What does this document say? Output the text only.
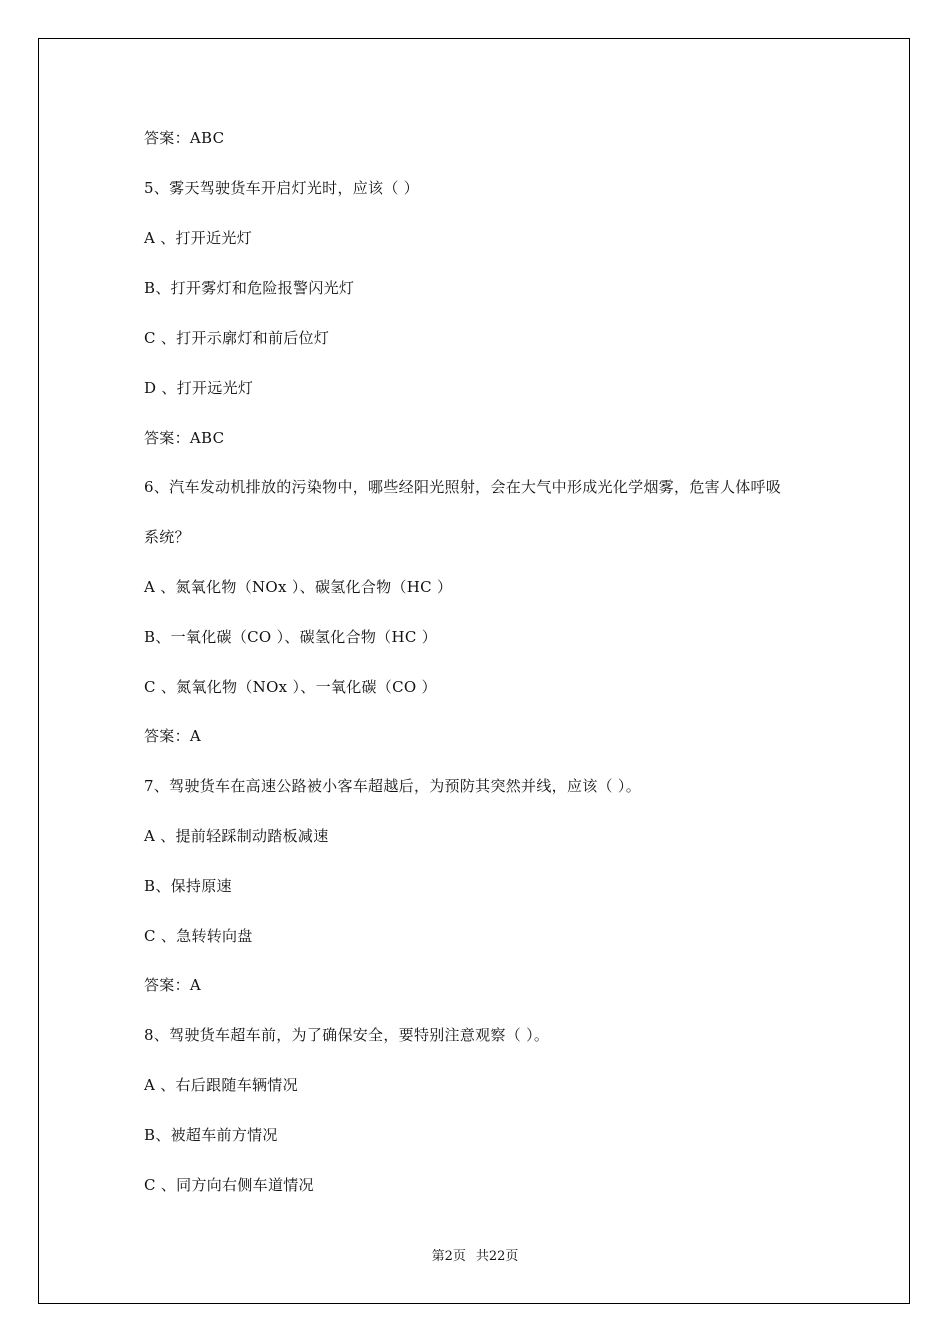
答案：ABC
5、雾天驾驶货车开启灯光时，应该（ ）
A 、打开近光灯
B、打开雾灯和危险报警闪光灯
C 、打开示廓灯和前后位灯
D 、打开远光灯
答案：ABC
6、汽车发动机排放的污染物中，哪些经阳光照射，会在大气中形成光化学烟雾，危害人体呼吸
系统？
A 、氮氧化物（NOx ）、碳氢化合物（HC ）
B、一氧化碳（CO ）、碳氢化合物（HC ）
C 、氮氧化物（NOx ）、一氧化碳（CO ）
答案：A
7、驾驶货车在高速公路被小客车超越后，为预防其突然并线，应该（ ）。
A 、提前轻踩制动踏板减速
B、保持原速
C 、急转转向盘
答案：A
8、驾驶货车超车前，为了确保安全，要特别注意观察（ ）。
A 、右后跟随车辆情况
B、被超车前方情况
C 、同方向右侧车道情况
第2页 共22页
